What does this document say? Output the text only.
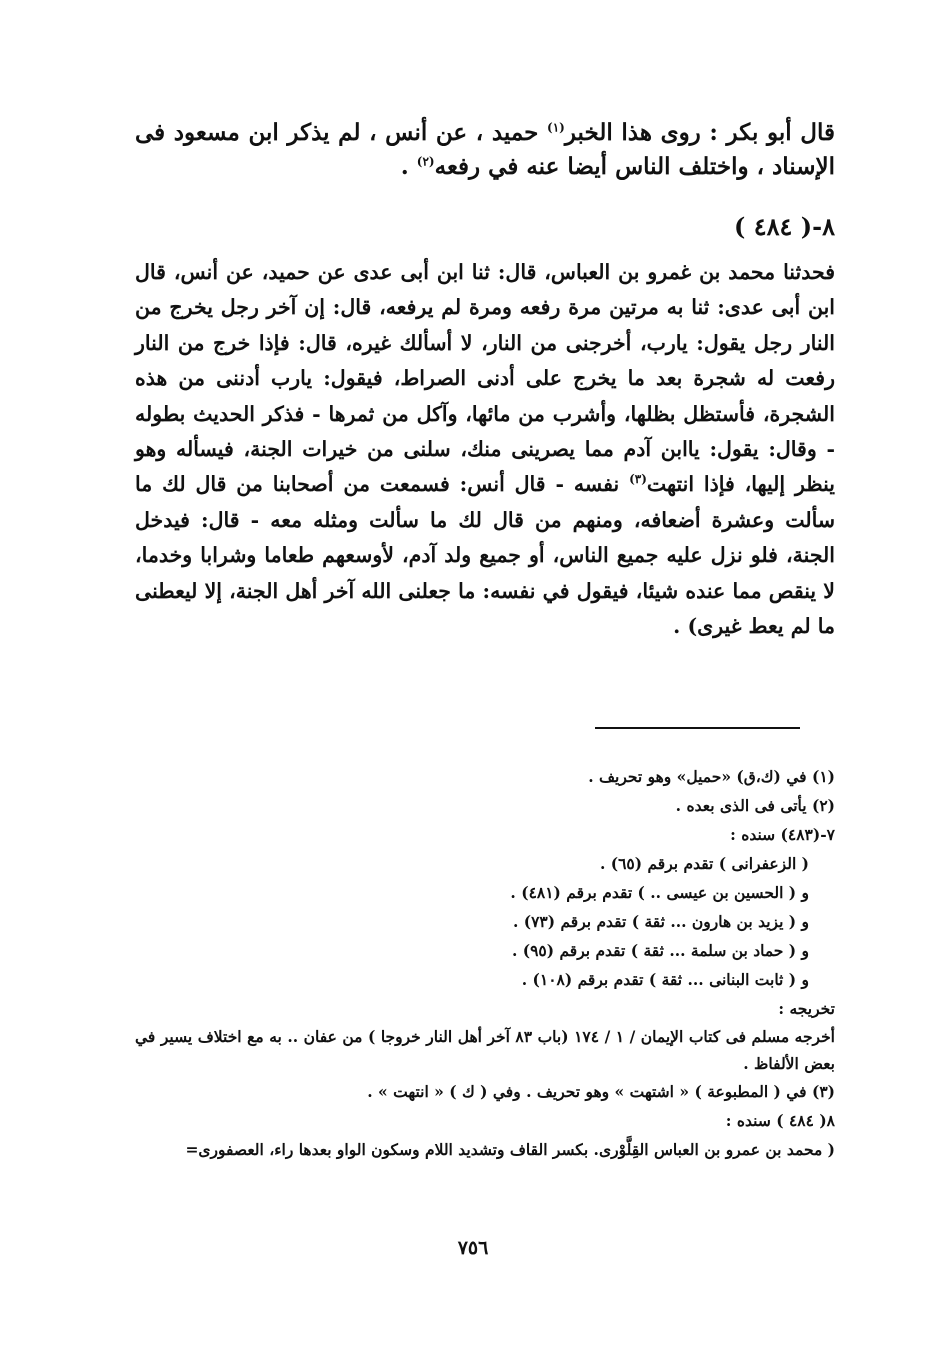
قال أبو بكر : روى هذا الخبر$^{(١)}$ حميد ، عن أنس ، لم يذكر ابن مسعود فى الإسناد ، واختلف الناس أيضا عنه في رفعه$^{(٢)}$ .

٨-( ٤٨٤ )

فحدثنا محمد بن غمرو بن العباس، قال: ثنا ابن أبى عدى عن حميد، عن أنس، قال ابن أبى عدى: ثنا به مرتين مرة رفعه ومرة لم يرفعه، قال: إن آخر رجل يخرج من النار رجل يقول: يارب، أخرجنى من النار، لا أسألك غيره، قال: فإذا خرج من النار رفعت له شجرة بعد ما يخرج على أدنى الصراط، فيقول: يارب أدننى من هذه الشجرة، فأستظل بظلها، وأشرب من مائها، وآكل من ثمرها - فذكر الحديث بطوله - وقال: يقول: ياابن آدم مما يصرينى منك، سلنى من خيرات الجنة، فيسأله وهو ينظر إليها، فإذا انتهت$^{(٣)}$ نفسه - قال أنس: فسمعت من أصحابنا من قال لك ما سألت وعشرة أضعافه، ومنهم من قال لك ما سألت ومثله معه - قال: فيدخل الجنة، فلو نزل عليه جميع الناس، أو جميع ولد آدم، لأوسعهم طعاما وشرابا وخدما، لا ينقص مما عنده شيئا، فيقول في نفسه: ما جعلنى الله آخر أهل الجنة، إلا ليعطنى ما لم يعط غيرى) .

(١) في (ك،ق) «حميل» وهو تحريف .

(٢) يأتى فى الذى بعده .

٧-(٤٨٣) سنده :

( الزعفرانى ) تقدم برقم (٦٥) .

و ( الحسين بن عيسى .. ) تقدم برقم (٤٨١) .

و ( يزيد بن هارون ... ثقة ) تقدم برقم (٧٣) .

و ( حماد بن سلمة ... ثقة ) تقدم برقم (٩٥) .

و ( ثابت البنانى ... ثقة ) تقدم برقم (١٠٨) .

تخريجه :

أخرجه مسلم فى كتاب الإيمان / ١ / ١٧٤ (باب ٨٣ آخر أهل النار خروجا ) من عفان .. به مع اختلاف يسير في بعض الألفاظ .

(٣) في ( المطبوعة ) « اشتهت » وهو تحريف . وفي ( ك ) « انتهت » .

٨( ٤٨٤ ) سنده :

( محمد بن عمرو بن العباس القِلَّوْرى. بكسر القاف وتشديد اللام وسكون الواو بعدها راء، العصفورى=

٧٥٦
